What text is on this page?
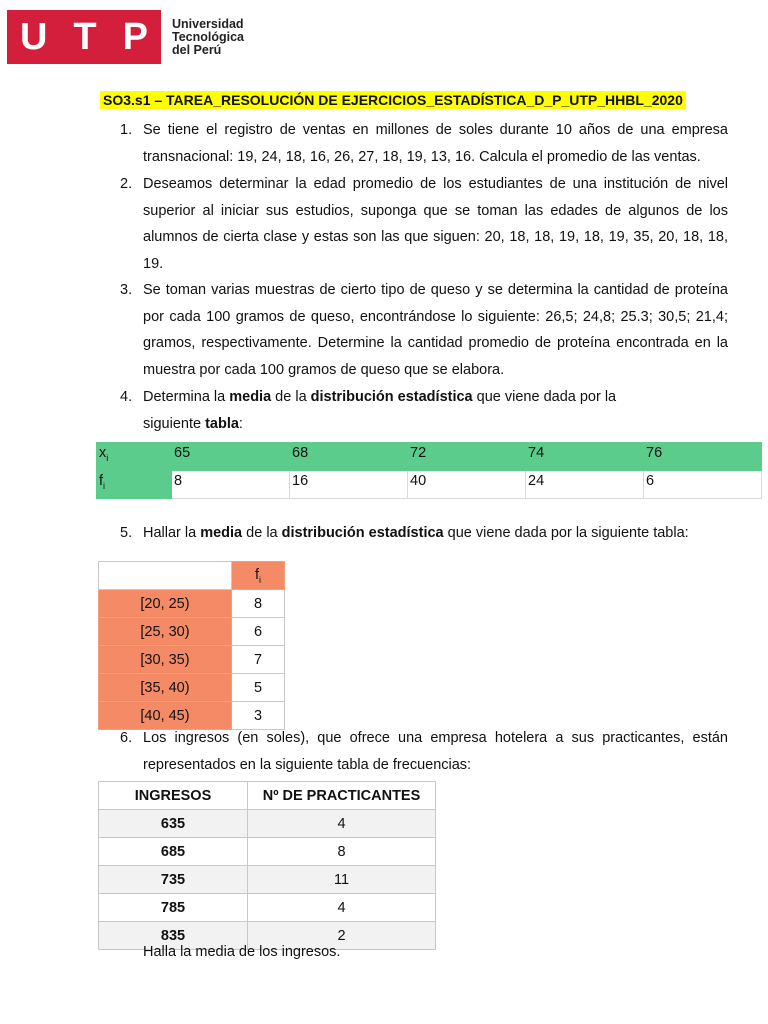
U T P Universidad
Tecnológica
del Perú
SO3.s1 – TAREA_RESOLUCIÓN DE EJERCICIOS_ESTADÍSTICA_D_P_UTP_HHBL_2020
1. Se tiene el registro de ventas en millones de soles durante 10 años de una empresa transnacional: 19, 24, 18, 16, 26, 27, 18, 19, 13, 16. Calcula el promedio de las ventas.
2. Deseamos determinar la edad promedio de los estudiantes de una institución de nivel superior al iniciar sus estudios, suponga que se toman las edades de algunos de los alumnos de cierta clase y estas son las que siguen: 20, 18, 18, 19, 18, 19, 35, 20, 18, 18, 19.
3. Se toman varias muestras de cierto tipo de queso y se determina la cantidad de proteína por cada 100 gramos de queso, encontrándose lo siguiente: 26,5; 24,8; 25.3; 30,5; 21,4; gramos, respectivamente. Determine la cantidad promedio de proteína encontrada en la muestra por cada 100 gramos de queso que se elabora.
4. Determina la media de la distribución estadística que viene dada por la
siguiente tabla:
$x_i$	65	68	72	74	76
$f_i$	8	16	40	24	6
5. Hallar la media de la distribución estadística que viene dada por la siguiente tabla:
	$f_i$
[20, 25)	8
[25, 30)	6
[30, 35)	7
[35, 40)	5
[40, 45)	3
6. Los ingresos (en soles), que ofrece una empresa hotelera a sus practicantes, están representados en la siguiente tabla de frecuencias:
INGRESOS	Nº DE PRACTICANTES
635	4
685	8
735	11
785	4
835	2
Halla la media de los ingresos.
